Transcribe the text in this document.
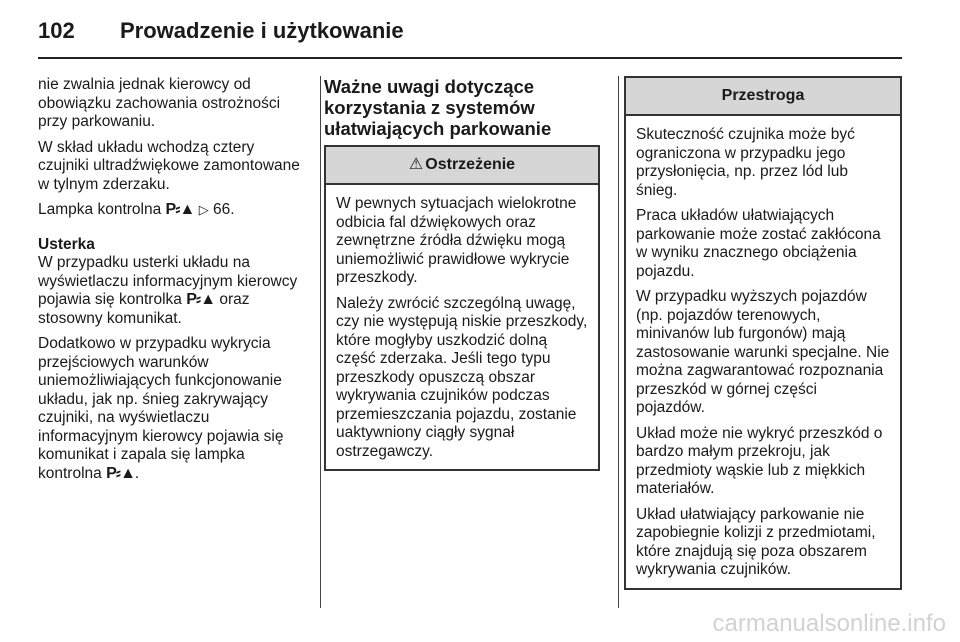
102 Prowadzenie i użytkowanie

nie zwalnia jednak kierowcy od obowiązku zachowania ostrożności przy parkowaniu.

W skład układu wchodzą cztery czujniki ultradźwiękowe zamontowane w tylnym zderzaku.

Lampka kontrolna P⸗▲ ▷ 66.

Usterka

W przypadku usterki układu na wyświetlaczu informacyjnym kierowcy pojawia się kontrolka P⸗▲ oraz stosowny komunikat.

Dodatkowo w przypadku wykrycia przejściowych warunków uniemożliwiających funkcjonowanie układu, jak np. śnieg zakrywający czujniki, na wyświetlaczu informacyjnym kierowcy pojawia się komunikat i zapala się lampka kontrolna P⸗▲.

Ważne uwagi dotyczące korzystania z systemów ułatwiających parkowanie
⚠ Ostrzeżenie

W pewnych sytuacjach wielokrotne odbicia fal dźwiękowych oraz zewnętrzne źródła dźwięku mogą uniemożliwić prawidłowe wykrycie przeszkody.

Należy zwrócić szczególną uwagę, czy nie występują niskie przeszkody, które mogłyby uszkodzić dolną część zderzaka. Jeśli tego typu przeszkody opuszczą obszar wykrywania czujników podczas przemieszczania pojazdu, zostanie uaktywniony ciągły sygnał ostrzegawczy.

Przestroga

Skuteczność czujnika może być ograniczona w przypadku jego przysłonięcia, np. przez lód lub śnieg.

Praca układów ułatwiających parkowanie może zostać zakłócona w wyniku znacznego obciążenia pojazdu.

W przypadku wyższych pojazdów (np. pojazdów terenowych, minivanów lub furgonów) mają zastosowanie warunki specjalne. Nie można zagwarantować rozpoznania przeszkód w górnej części pojazdów.

Układ może nie wykryć przeszkód o bardzo małym przekroju, jak przedmioty wąskie lub z miękkich materiałów.

Układ ułatwiający parkowanie nie zapobiegnie kolizji z przedmiotami, które znajdują się poza obszarem wykrywania czujników.

carmanualsonline.info
